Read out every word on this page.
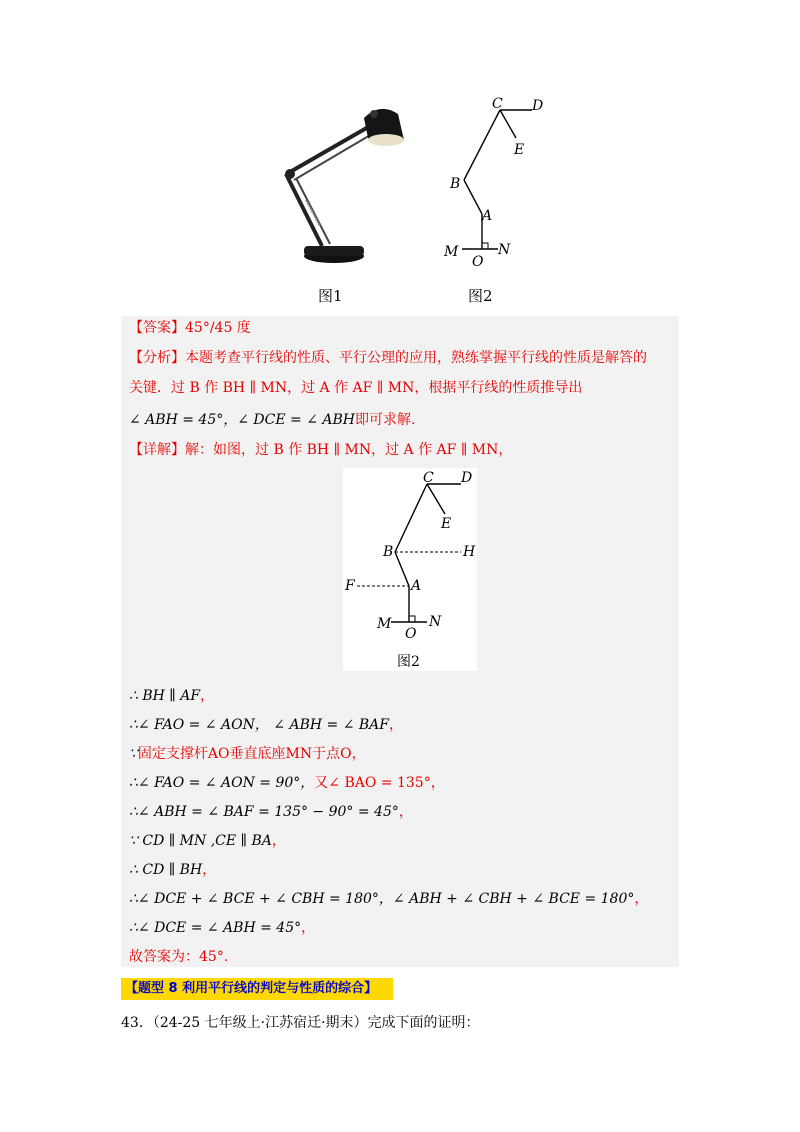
图1
C D
E
B
A
M
O
N
图2
【答案】45°/45 度
【分析】本题考查平行线的性质、平行公理的应用，熟练掌握平行线的性质是解答的
关键．过 B 作 BH ∥ MN，过 A 作 AF ∥ MN，根据平行线的性质推导出
∠ ABH = 45°，∠ DCE = ∠ ABH即可求解.
【详解】解：如图，过 B 作 BH ∥ MN，过 A 作 AF ∥ MN，
C D
E
B	H
F	A
M
O
N
图2
∴ BH ∥ AF，
∴∠ FAO = ∠ AON， ∠ ABH = ∠ BAF，
∵固定支撑杆AO垂直底座MN于点O，
∴∠ FAO = ∠ AON = 90°，又∠ BAO = 135°，
∴∠ ABH = ∠ BAF = 135° − 90° = 45°，
∵ CD ∥ MN ,CE ∥ BA，
∴ CD ∥ BH，
∴∠ DCE + ∠ BCE + ∠ CBH = 180°，∠ ABH + ∠ CBH + ∠ BCE = 180°，
∴∠ DCE = ∠ ABH = 45°，
故答案为：45°.
【题型 8 利用平行线的判定与性质的综合】
43．（24-25 七年级上·江苏宿迁·期末）完成下面的证明：
